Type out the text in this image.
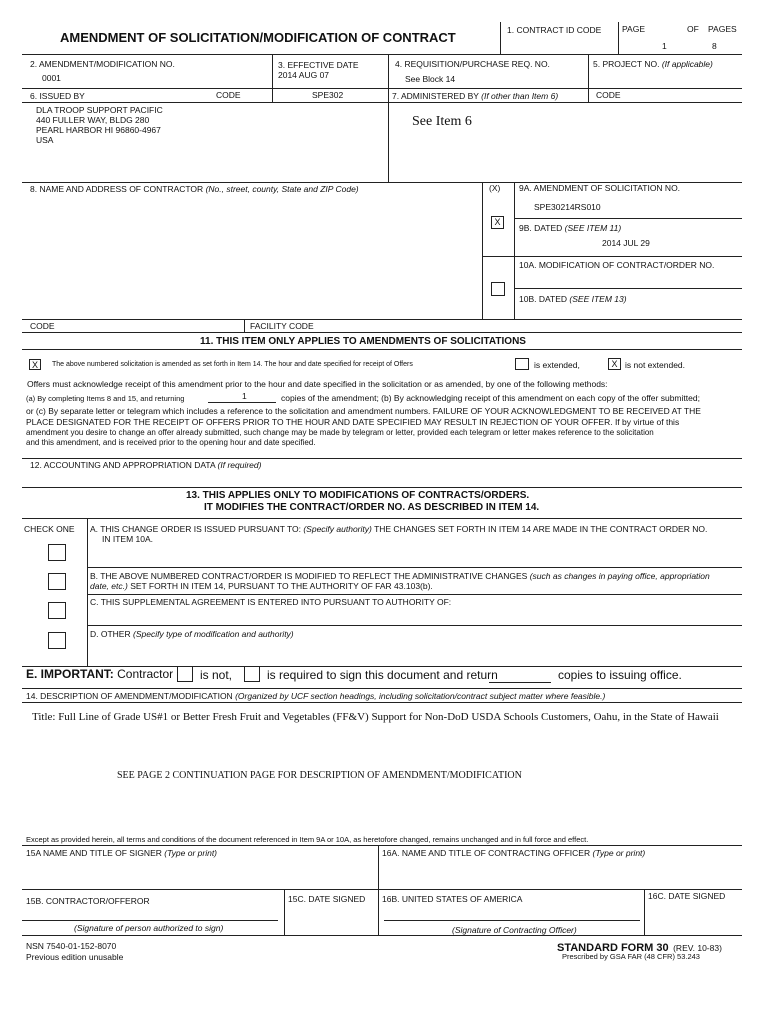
AMENDMENT OF SOLICITATION/MODIFICATION OF CONTRACT	1. CONTRACT ID CODE PAGE	OF PAGES
1	8
2. AMENDMENT/MODIFICATION NO.
0001
3. EFFECTIVE DATE
2014 AUG 07
4. REQUISITION/PURCHASE REQ. NO.
See Block 14
5. PROJECT NO. (If applicable)
6. ISSUED BY	CODE	SPE302
DLA TROOP SUPPORT PACIFIC
440 FULLER WAY, BLDG 280
PEARL HARBOR HI 96860-4967
USA
7. ADMINISTERED BY (If other than Item 6)	CODE
See Item 6
8. NAME AND ADDRESS OF CONTRACTOR (No., street, county, State and ZIP Code)	(X) 9A. AMENDMENT OF SOLICITATION NO.
SPE30214RS010
X
9B. DATED (SEE ITEM 11)
2014 JUL 29
10A. MODIFICATION OF CONTRACT/ORDER NO.
10B. DATED (SEE ITEM 13)
CODE	FACILITY CODE
11. THIS ITEM ONLY APPLIES TO AMENDMENTS OF SOLICITATIONS
X	The above numbered solicitation is amended as set forth in Item 14. The hour and date specified for receipt of Offers	is extended,	X is not extended.
Offers must acknowledge receipt of this amendment prior to the hour and date specified in the solicitation or as amended, by one of the following methods:
(a) By completing Items 8 and 15, and returning	1	copies of the amendment; (b) By acknowledging receipt of this amendment on each copy of the offer submitted;
or (c) By separate letter or telegram which includes a reference to the solicitation and amendment numbers. FAILURE OF YOUR ACKNOWLEDGMENT TO BE RECEIVED AT THE
PLACE DESIGNATED FOR THE RECEIPT OF OFFERS PRIOR TO THE HOUR AND DATE SPECIFIED MAY RESULT IN REJECTION OF YOUR OFFER. If by virtue of this
amendment you desire to change an offer already submitted, such change may be made by telegram or letter, provided each telegram or letter makes reference to the solicitation
and this amendment, and is received prior to the opening hour and date specified.
12. ACCOUNTING AND APPROPRIATION DATA (If required)
13. THIS APPLIES ONLY TO MODIFICATIONS OF CONTRACTS/ORDERS.
IT MODIFIES THE CONTRACT/ORDER NO. AS DESCRIBED IN ITEM 14.
CHECK ONE A. THIS CHANGE ORDER IS ISSUED PURSUANT TO: (Specify authority) THE CHANGES SET FORTH IN ITEM 14 ARE MADE IN THE CONTRACT ORDER NO.
IN ITEM 10A.
B. THE ABOVE NUMBERED CONTRACT/ORDER IS MODIFIED TO REFLECT THE ADMINISTRATIVE CHANGES (such as changes in paying office, appropriation
date, etc.) SET FORTH IN ITEM 14, PURSUANT TO THE AUTHORITY OF FAR 43.103(b).
C. THIS SUPPLEMENTAL AGREEMENT IS ENTERED INTO PURSUANT TO AUTHORITY OF:
D. OTHER (Specify type of modification and authority)
E. IMPORTANT: Contractor is not,	is required to sign this document and return	copies to issuing office.
14. DESCRIPTION OF AMENDMENT/MODIFICATION (Organized by UCF section headings, including solicitation/contract subject matter where feasible.)
Title: Full Line of Grade US#1 or Better Fresh Fruit and Vegetables (FF&V) Support for Non-DoD USDA Schools Customers, Oahu, in the State of Hawaii
SEE PAGE 2 CONTINUATION PAGE FOR DESCRIPTION OF AMENDMENT/MODIFICATION
Except as provided herein, all terms and conditions of the document referenced in Item 9A or 10A, as heretofore changed, remains unchanged and in full force and effect.
15A NAME AND TITLE OF SIGNER (Type or print)	16A. NAME AND TITLE OF CONTRACTING OFFICER (Type or print)
15B. CONTRACTOR/OFFEROR	15C. DATE SIGNED 16B. UNITED STATES OF AMERICA	16C. DATE SIGNED
(Signature of person authorized to sign)	(Signature of Contracting Officer)
NSN 7540-01-152-8070
Previous edition unusable
STANDARD FORM 30 (REV. 10-83)
Prescribed by GSA FAR (48 CFR) 53.243
